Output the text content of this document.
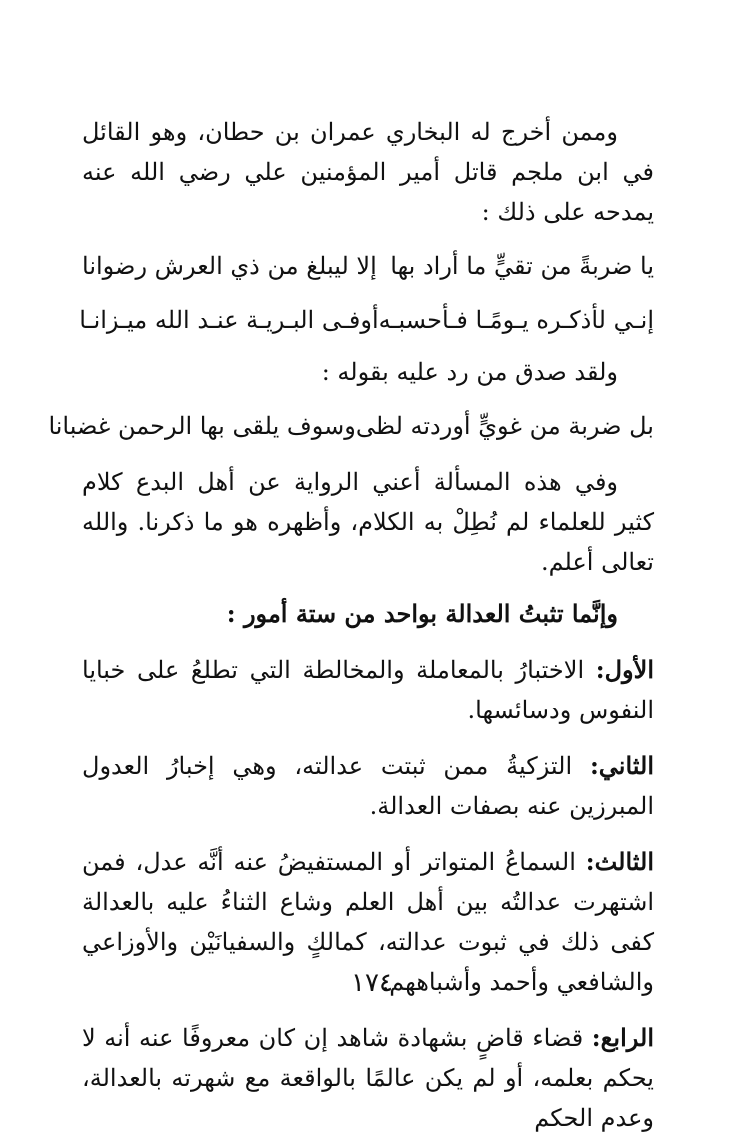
وممن أخرج له البخاري عمران بن حطان، وهو القائل في ابن ملجم قاتل أمير المؤمنين علي رضي الله عنه يمدحه على ذلك :

يا ضربةً من تقيٍّ ما أراد بها
إلا ليبلغ من ذي العرش رضوانا
إنـي لأذكـره يـومًـا فـأحسبـه
أوفـى البـريـة عنـد الله ميـزانـا

ولقد صدق من رد عليه بقوله :

بل ضربة من غويٍّ أوردته لظى
وسوف يلقى بها الرحمن غضبانا

وفي هذه المسألة أعني الرواية عن أهل البدع كلام كثير للعلماء لم نُطِلْ به الكلام، وأظهره هو ما ذكرنا. والله تعالى أعلم.

وإنَّما تثبتُ العدالة بواحد من ستة أمور :

الأول: الاختبارُ بالمعاملة والمخالطة التي تطلعُ على خبايا النفوس ودسائسها.

الثاني: التزكيةُ ممن ثبتت عدالته، وهي إخبارُ العدول المبرزين عنه بصفات العدالة.

الثالث: السماعُ المتواتر أو المستفيضُ عنه أنَّه عدل، فمن اشتهرت عدالتُه بين أهل العلم وشاع الثناءُ عليه بالعدالة كفى ذلك في ثبوت عدالته، كمالكٍ والسفيانَيْن والأوزاعي والشافعي وأحمد وأشباههم.

الرابع: قضاء قاضٍ بشهادة شاهد إن كان معروفًا عنه أنه لا يحكم بعلمه، أو لم يكن عالمًا بالواقعة مع شهرته بالعدالة، وعدم الحكم

١٧٤
